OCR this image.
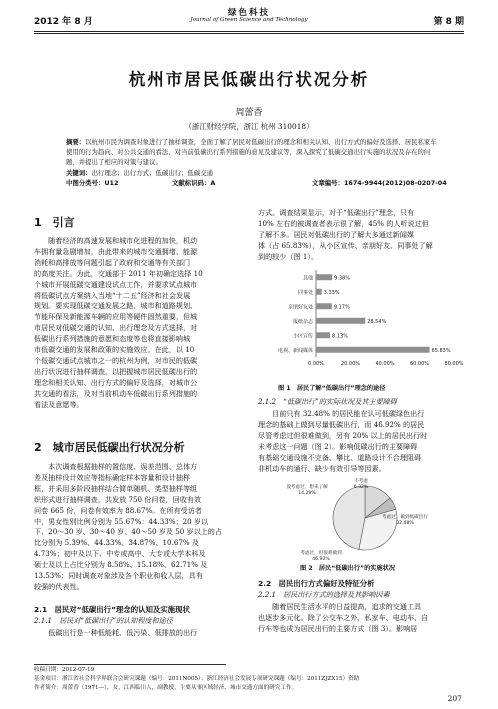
2012 年 8 月
绿色科技
Journal of Green Science and Technology	第 8 期
杭州市居民低碳出行状况分析
周蕾香
（浙江财经学院，浙江 杭州 310018）
摘要：以杭州市民为调查对象进行了抽样调查，全面了解了居民对低碳出行的理念和相关认知、出行方式的偏好及选择、居民私家车使用的行为趋向、对公共交通的看法、对当前低碳出行系列措施的意见及建议等，深入探究了低碳交通出行实施的状况及存在的问题，并提出了相应的对策与建议。
关键词：出行理念；出行方式；低碳出行；低碳交通
中图分类号：U12	文献标识码：A	文章编号：1674-9944(2012)08-0207-04
1　引言
　　随着经济的高速发展和城市化进程的加快，机动
车拥有量急剧增加，由此带来的城市交通拥堵、能源
消耗和高排放等问题引起了政府和交通等有关部门
的高度关注。为此，交通部于 2011 年初确定选择 10
个城市开展低碳交通建设试点工作，并要求试点城市
将低碳试点方案纳入当地“十二五”经济和社会发展
规划。要实现低碳交通发展之路，城市和道路规划、
节能环保及新能源车辆的应用等硬件固然重要，但城
市居民对低碳交通的认知、出行理念及方式选择，对
低碳出行系列措施的意愿和态度等也将直接影响城
市低碳交通的发展和政策的实施效应。在此，以 10
个低碳交通试点城市之一的杭州为例，对市民的低碳
出行状况进行抽样调查，以把握城市居民低碳出行的
理念和相关认知、出行方式的偏好及选择，对城市公
共交通的看法，及对当前机动车低碳出行系列措施的
看法及意愿等。
2　城市居民低碳出行状况分析
　　本次调查根据抽样的置信度、误差范围、总体方
差及抽样设计效应等指标确定样本容量和设计抽样
框，并采用多阶段抽样结合简单随机、类型抽样等组
织形式进行抽样调查，共发放 750 份问卷，回收有效
问卷 665 份，问卷有效率为 88.67%。在所有受访者
中，男女性别比例分别为 55.67%：44.33%；20 岁以
下、20～30 岁、30～40 岁、40～50 岁及 50 岁以上的占
比分别为 5.39%、44.33%、34.87%、10.67% 及
4.73%；初中及以下、中专或高中、大专或大学本科及
硕士及以上占比分别为 8.58%、15.18%、62.71% 及
13.53%；同时调查对象涉及各个职业和收入层，具有
较强的代表性。
2.1　居民对“低碳出行”理念的认知及实施现状
2.1.1　居民对“低碳出行”的认知程度和途径
　　低碳出行是一种低能耗、低污染、低排放的出行
方式。调查结果显示，对于“低碳出行”理念，只有
10% 左右的被调查者表示很了解，45% 的人听说过但
了解不多。居民对低碳出行的了解大多通过新闻媒
体（占 65.83%），从小区宣传、亲朋好友、同事处了解
到的较少（图 1）。
其他	9.38%
同事处 3.33%
亲朋好友处	9.17%
报纸杂志	28.54%
小区宣传	8.13%
电视、新闻媒体	65.83%
0.00%	20.00%	40.00%	60.00%	80.00%
图 1　居民了解“低碳出行”理念的途径
2.1.2　“低碳出行”的实际状况及其主要障碍
　　目前只有 32.48% 的居民能在认可低碳绿色出行
理念的基础上做到尽量低碳出行，而 46.92% 的居民
尽管考虑过但很难做到，另有 20% 以上的居民出行时
未考虑这一问题（图 2）。影响低碳出行的主要障碍
有基础交通设施不完备、攀比、道路设计不合理阻碍
非机动车的通行、缺少有效引导等因素。
没考虑过，想来了解
14.29%
不考虑
6.32%
考虑过，做到低碳出行
32.48%
考虑过，但很难做到
46.92%
图 2　居民“低碳出行”的实施状况
2.2　居民出行方式偏好及特征分析
2.2.1　居民出行方式的选择及其影响因素
　　随着居民生活水平的日益提高，追求的交通工具
也逐步多元化。除了公交车之外，私家车、电动车、自
行车等也成为居民出行的主要方式（图 3）。影响居
收稿日期：2012-07-19
基金项目：浙江省社会科学界联合会研究课题（编号：2011N005）；浙江经济社会发展专项研究课题（编号：2011ZJZX15）资助
作者简介：周蕾香（1971—），女，江西临川人，副教授，主要从事区域经济、城市交通方面的研究工作。
207
